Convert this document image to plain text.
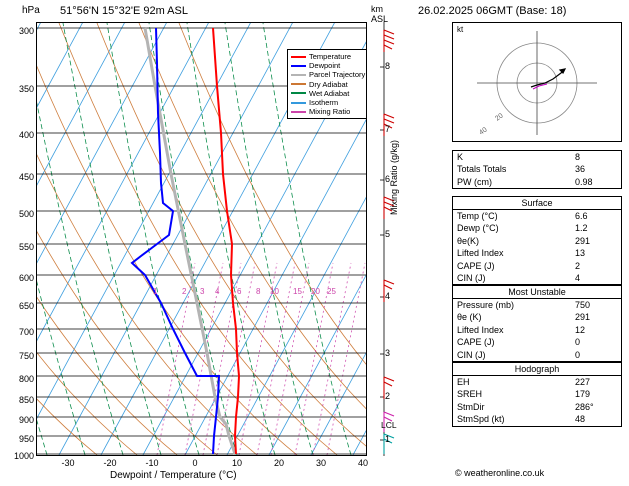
hPa 51°56'N 15°32'E 92m ASL	km
ASL
26.02.2025 06GMT (Base: 18)
300
350
400
450
500
550
600
650
700
750
800
850
900
950
1000
-30	-20	-10	0	10	20	30	40
Dewpoint / Temperature (°C)
Temperature
Dewpoint
Parcel Trajectory
Dry Adiabat
Wet Adiabat
Isotherm
Mixing Ratio
1	2 3 4 6 8 10 15 20 25
8
7
6
5
4
3
2
1
Mixing Ratio (g/kg)
LCL
kt
20
40
K	8
Totals Totals	36
PW (cm)	0.98
Surface
Temp (°C)	6.6
Dewp (°C)	1.2
θe(K)	291
Lifted Index	13
CAPE (J)	2
CIN (J)	4
Most Unstable
Pressure (mb)	750
θe (K)	291
Lifted Index	12
CAPE (J)	0
CIN (J)	0
Hodograph
EH	227
SREH	179
StmDir	286°
StmSpd (kt)	48
© weatheronline.co.uk
